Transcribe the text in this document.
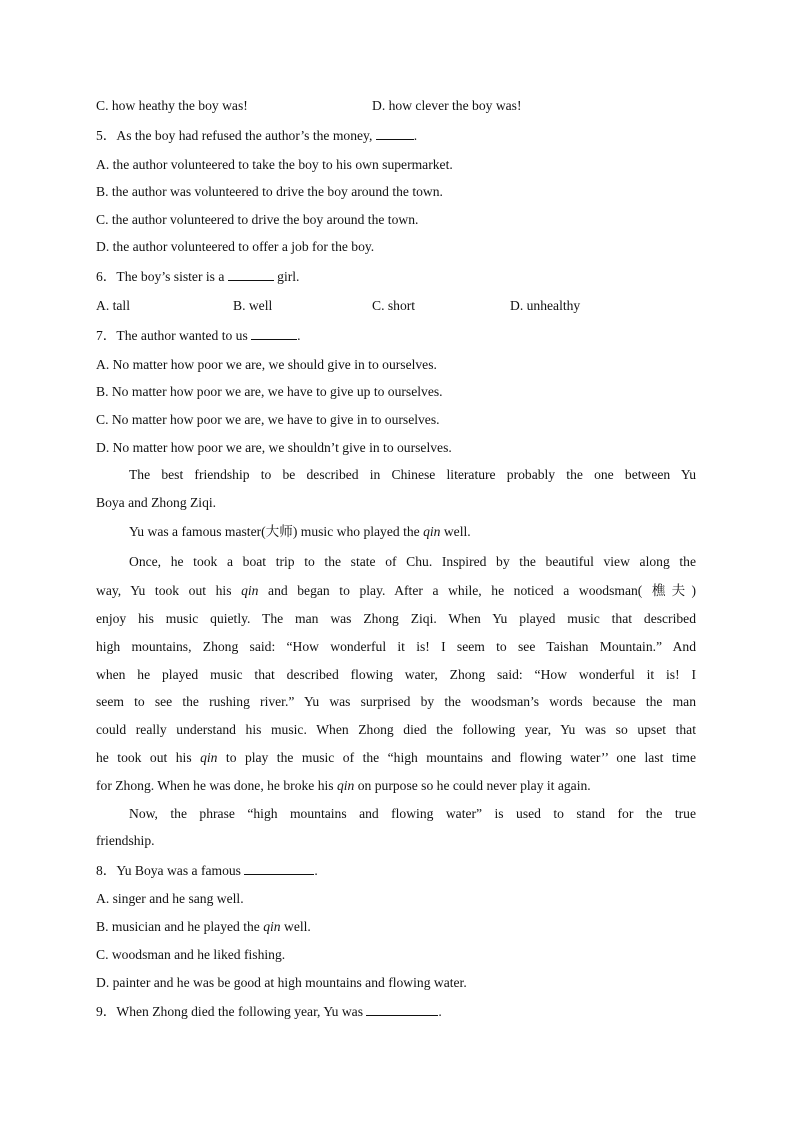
C. how heathy the boy was!	D. how clever the boy was!
5．As the boy had refused the author’s the money,	.
A. the author volunteered to take the boy to his own supermarket.
B. the author was volunteered to drive the boy around the town.
C. the author volunteered to drive the boy around the town.
D. the author volunteered to offer a job for the boy.
6．The boy’s sister is a	girl.
A. tall	B. well	C. short	D. unhealthy
7．The author wanted to us	.
A. No matter how poor we are, we should give in to ourselves.
B. No matter how poor we are, we have to give up to ourselves.
C. No matter how poor we are, we have to give in to ourselves.
D. No matter how poor we are, we shouldn’t give in to ourselves.
The best friendship to be described in Chinese literature probably the one between Yu
Boya and Zhong Ziqi.
Yu was a famous master(大师) music who played the qin well.
Once, he took a boat trip to the state of Chu. Inspired by the beautiful view along the
way, Yu took out his qin and began to play. After a while, he noticed a woodsman( 樵夫)
enjoy his music quietly. The man was Zhong Ziqi. When Yu played music that described
high mountains, Zhong said: “How wonderful it is! I seem to see Taishan Mountain.” And
when he played music that described flowing water, Zhong said: “How wonderful it is! I
seem to see the rushing river.” Yu was surprised by the woodsman’s words because the man
could really understand his music. When Zhong died the following year, Yu was so upset that
he took out his qin to play the music of the “high mountains and flowing water’’ one last time
for Zhong. When he was done, he broke his qin on purpose so he could never play it again.
Now, the phrase “high mountains and flowing water” is used to stand for the true
friendship.
8．Yu Boya was a famous	.
A. singer and he sang well.
B. musician and he played the qin well.
C. woodsman and he liked fishing.
D. painter and he was be good at high mountains and flowing water.
9．When Zhong died the following year, Yu was	.
